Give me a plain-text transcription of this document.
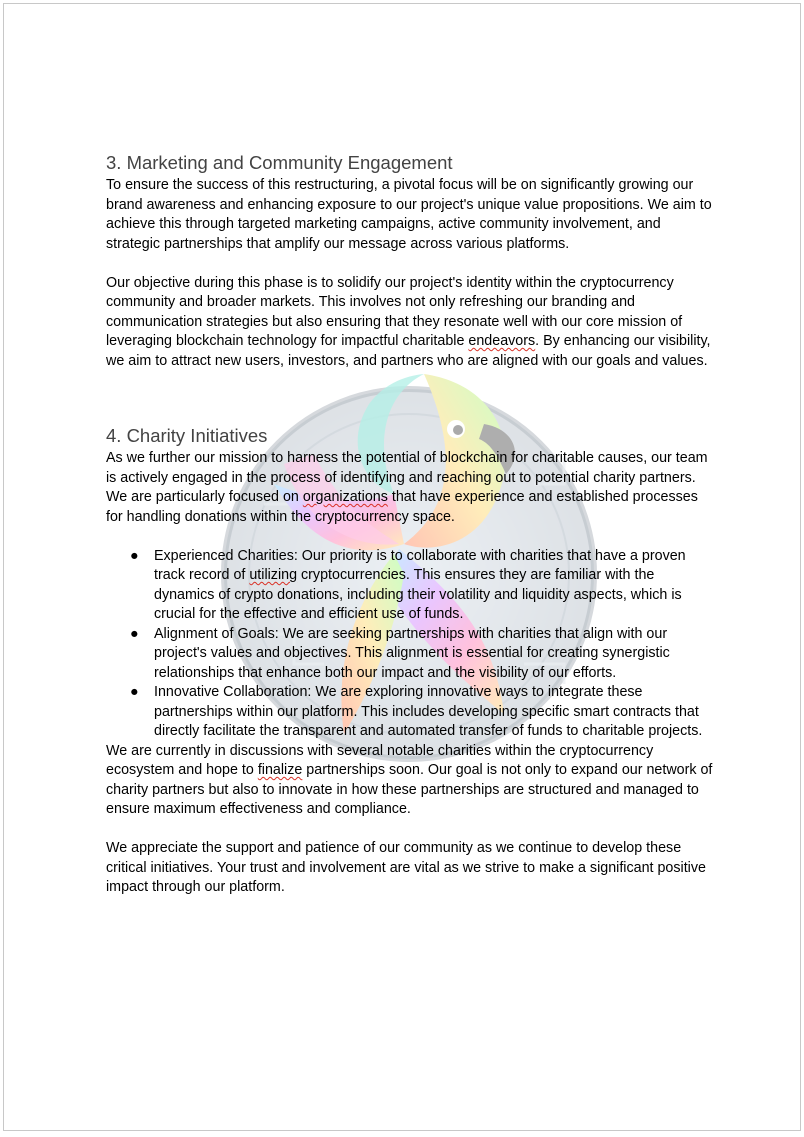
3. Marketing and Community Engagement

To ensure the success of this restructuring, a pivotal focus will be on significantly growing our brand awareness and enhancing exposure to our project's unique value propositions. We aim to achieve this through targeted marketing campaigns, active community involvement, and strategic partnerships that amplify our message across various platforms.

Our objective during this phase is to solidify our project's identity within the cryptocurrency community and broader markets. This involves not only refreshing our branding and communication strategies but also ensuring that they resonate well with our core mission of leveraging blockchain technology for impactful charitable endeavors. By enhancing our visibility, we aim to attract new users, investors, and partners who are aligned with our goals and values.

4. Charity Initiatives

As we further our mission to harness the potential of blockchain for charitable causes, our team is actively engaged in the process of identifying and reaching out to potential charity partners. We are particularly focused on organizations that have experience and established processes for handling donations within the cryptocurrency space.

● Experienced Charities: Our priority is to collaborate with charities that have a proven track record of utilizing cryptocurrencies. This ensures they are familiar with the dynamics of crypto donations, including their volatility and liquidity aspects, which is crucial for the effective and efficient use of funds.
● Alignment of Goals: We are seeking partnerships with charities that align with our project's values and objectives. This alignment is essential for creating synergistic relationships that enhance both our impact and the visibility of our efforts.
● Innovative Collaboration: We are exploring innovative ways to integrate these partnerships within our platform. This includes developing specific smart contracts that directly facilitate the transparent and automated transfer of funds to charitable projects.

We are currently in discussions with several notable charities within the cryptocurrency ecosystem and hope to finalize partnerships soon. Our goal is not only to expand our network of charity partners but also to innovate in how these partnerships are structured and managed to ensure maximum effectiveness and compliance.

We appreciate the support and patience of our community as we continue to develop these critical initiatives. Your trust and involvement are vital as we strive to make a significant positive impact through our platform.
